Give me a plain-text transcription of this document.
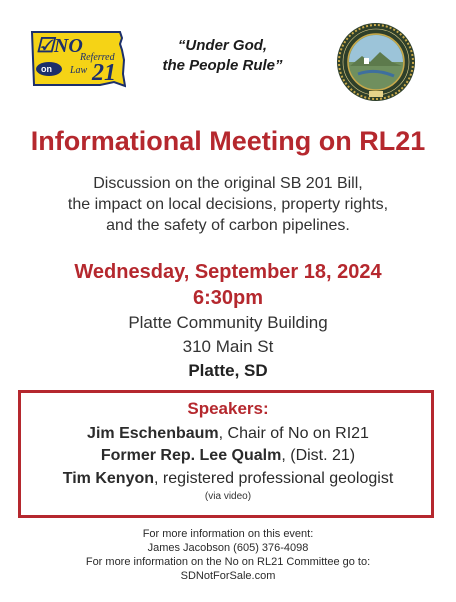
☑NO
Referred
on Law 21
“Under God,
the People Rule”
Informational Meeting on RL21
Discussion on the original SB 201 Bill,
the impact on local decisions, property rights,
and the safety of carbon pipelines.
Wednesday, September 18, 2024
6:30pm
Platte Community Building
310 Main St
Platte, SD
Speakers:
Jim Eschenbaum, Chair of No on RI21
Former Rep. Lee Qualm, (Dist. 21)
Tim Kenyon, registered professional geologist
(via video)
For more information on this event:
James Jacobson (605) 376-4098
For more information on the No on RL21 Committee go to:
SDNotForSale.com
